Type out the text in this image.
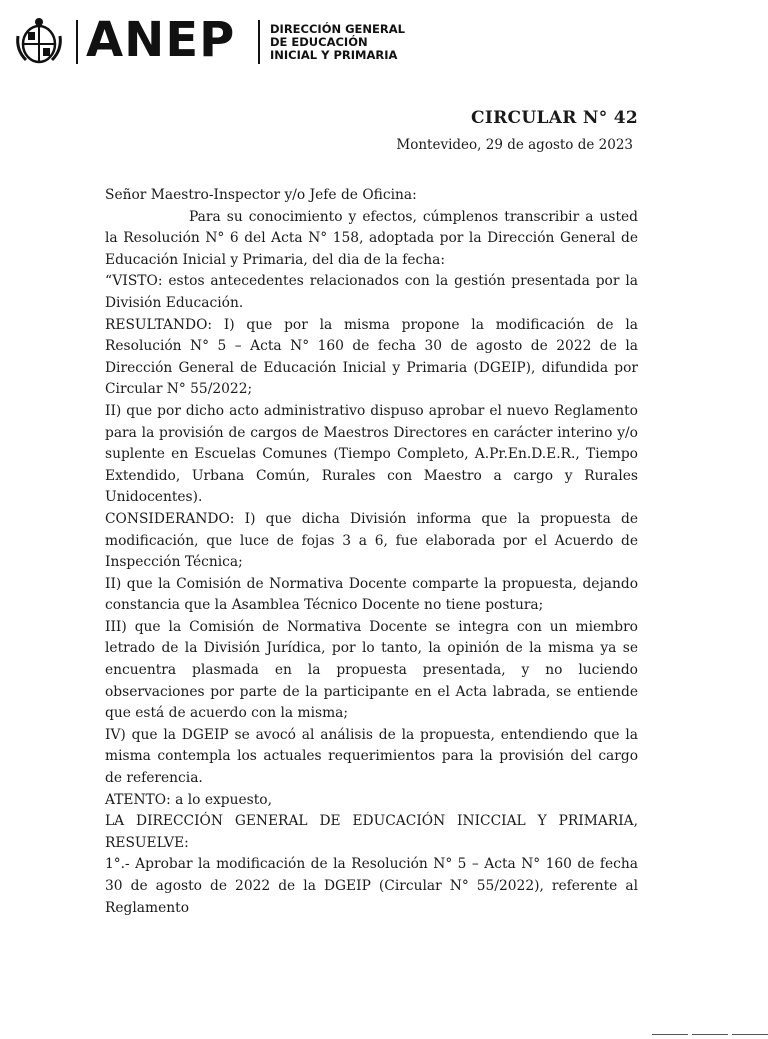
ANEP	DIRECCIÓN GENERAL
DE EDUCACIÓN
INICIAL Y PRIMARIA
CIRCULAR N° 42
Montevideo, 29 de agosto de 2023

Señor Maestro-Inspector y/o Jefe de Oficina:

Para su conocimiento y efectos, cúmplenos transcribir a usted la Resolución N° 6 del Acta N° 158, adoptada por la Dirección General de Educación Inicial y Primaria, del dia de la fecha:

“VISTO: estos antecedentes relacionados con la gestión presentada por la División Educación.

RESULTANDO: I) que por la misma propone la modificación de la Resolución N° 5 – Acta N° 160 de fecha 30 de agosto de 2022 de la Dirección General de Educación Inicial y Primaria (DGEIP), difundida por Circular N° 55/2022;

II) que por dicho acto administrativo dispuso aprobar el nuevo Reglamento para la provisión de cargos de Maestros Directores en carácter interino y/o suplente en Escuelas Comunes (Tiempo Completo, A.Pr.En.D.E.R., Tiempo Extendido, Urbana Común, Rurales con Maestro a cargo y Rurales Unidocentes).

CONSIDERANDO: I) que dicha División informa que la propuesta de modificación, que luce de fojas 3 a 6, fue elaborada por el Acuerdo de Inspección Técnica;

II) que la Comisión de Normativa Docente comparte la propuesta, dejando constancia que la Asamblea Técnico Docente no tiene postura;

III) que la Comisión de Normativa Docente se integra con un miembro letrado de la División Jurídica, por lo tanto, la opinión de la misma ya se encuentra plasmada en la propuesta presentada, y no luciendo observaciones por parte de la participante en el Acta labrada, se entiende que está de acuerdo con la misma;

IV) que la DGEIP se avocó al análisis de la propuesta, entendiendo que la misma contempla los actuales requerimientos para la provisión del cargo de referencia.

ATENTO: a lo expuesto,

LA DIRECCIÓN GENERAL DE EDUCACIÓN INICCIAL Y PRIMARIA,

RESUELVE:

1°.- Aprobar la modificación de la Resolución N° 5 – Acta N° 160 de fecha 30 de agosto de 2022 de la DGEIP (Circular N° 55/2022), referente al Reglamento
